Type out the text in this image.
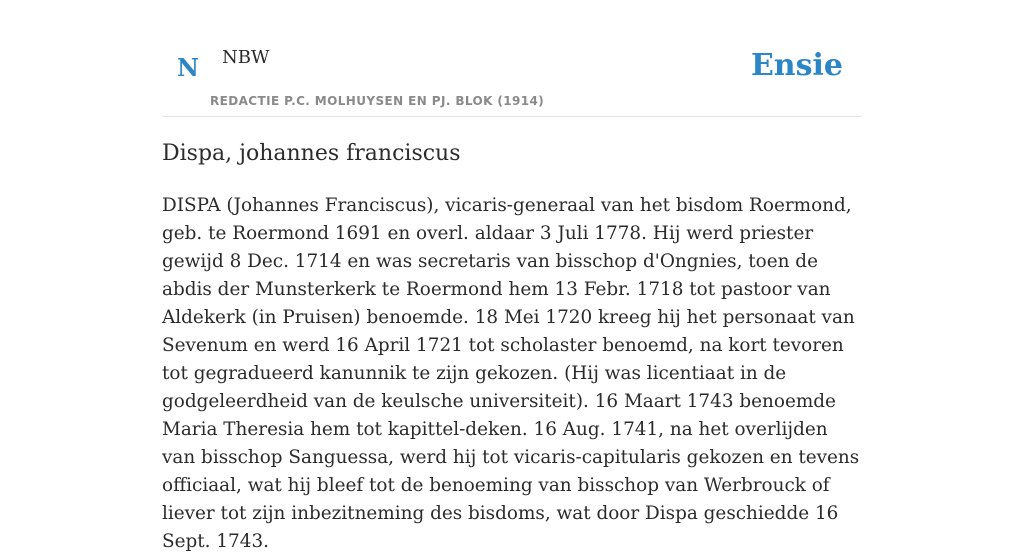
N NBW
REDACTIE P.C. MOLHUYSEN EN PJ. BLOK (1914)
Ensie
Dispa, johannes franciscus

DISPA (Johannes Franciscus), vicaris-generaal van het bisdom Roermond, geb. te Roermond 1691 en overl. aldaar 3 Juli 1778. Hij werd priester gewijd 8 Dec. 1714 en was secretaris van bisschop d'Ongnies, toen de abdis der Munsterkerk te Roermond hem 13 Febr. 1718 tot pastoor van Aldekerk (in Pruisen) benoemde. 18 Mei 1720 kreeg hij het personaat van Sevenum en werd 16 April 1721 tot scholaster benoemd, na kort tevoren tot gegradueerd kanunnik te zijn gekozen. (Hij was licentiaat in de godgeleerdheid van de keulsche universiteit). 16 Maart 1743 benoemde Maria Theresia hem tot kapittel-deken. 16 Aug. 1741, na het overlijden van bisschop Sanguessa, werd hij tot vicaris-capitularis gekozen en tevens officiaal, wat hij bleef tot de benoeming van bisschop van Werbrouck of liever tot zijn inbezitneming des bisdoms, wat door Dispa geschiedde 16 Sept. 1743.
